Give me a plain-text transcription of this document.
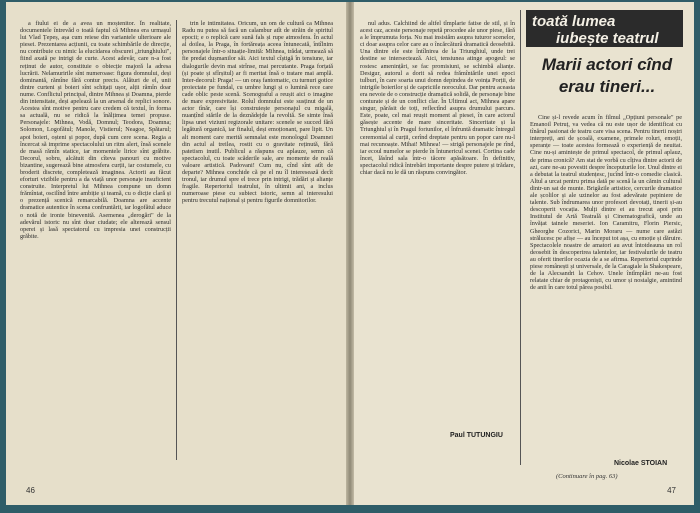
a fiului ei de a avea un moștenitor. În realitate, documentele întrevăd o toată faptul că Mihnea era urmașul lui Vlad Țepeș, așa cum reiese din variantele ulterioare ale piesei. Prezentarea acțiunii, cu toate schimbările de direcție, nu contribuie cu nimic la elucidarea obscurei „triunghiului", fiind axată pe intrigi de curte. Acest adevăr, care n-a fost reținut de autor, constituie o obiecție majoră la adresa lucrării. Nelamuririle sînt numeroase: figura domnului, deși dominantă, rămîne fără contur precis. Alături de el, unii dintre curteni și boieri sînt schițați ușor, alții rămîn doar nume. Conflictul principal, dintre Mihnea și Doamna, pierde din intensitate, deși apelează la un arsenal de replici sonore. Acestea sînt motive pentru care credem că textul, în forma sa actuală, nu se ridică la înălțimea temei propuse. Personajele: Mihnea, Vodă, Domnul; Teodora, Doamna; Solomon, Logofătul; Manole, Vistierul; Neagoe, Spătarul; apoi boieri, oșteni și popor, după cum cere scena. Regia a încercat să imprime spectacolului un ritm alert, însă scenele de masă rămîn statice, iar momentele lirice sînt grăbite. Decorul, sobru, alcătuit din cîteva panouri cu motive bizantine, sugerează bine atmosfera curții, iar costumele, cu broderii discrete, completează imaginea. Actorii au făcut eforturi vizibile pentru a da viață unor personaje insuficient construite. Interpretul lui Mihnea compune un domn frămîntat, oscilînd între ambiție și teamă, cu o dicție clară și o prezență scenică remarcabilă. Doamna are accente dramatice autentice în scena confruntării, iar logofătul aduce o notă de ironie binevenită. Asemenea „derogări" de la adevărul istoric nu sînt doar ciudate; ele alterează sensul operei și lasă spectatorul cu impresia unei construcții grăbite.

trin le intimitatea. Oricum, un om de cultură ca Mihnea Radu nu putea să facă un calambur atît de străin de spiritul epocii; e o replică care sună fals și rupe atmosfera. În actul al doilea, la Praga, în fortăreața aceea întunecată, întîlnim personajele într-o situație-limită: Mihnea, trădat, urmează să fie predat dușmanilor săi. Aici textul cîștigă în tensiune, iar dialogurile devin mai strînse, mai percutante. Praga forțată (și poate și sfîrșitul) ar fi meritat însă o tratare mai amplă. Inter-decorul: Praga! — un oraș fantomatic, cu turnuri gotice proiectate pe fundal, cu umbre lungi și o lumină rece care cade oblic peste scenă. Scenograful a reușit aici o imagine de mare expresivitate. Rolul domnului este susținut de un actor tînăr, care își construiește personajul cu migală, nuanțînd stările de la deznădejde la revoltă. Se simte însă lipsa unei viziuni regizorale unitare: scenele se succed fără legătură organică, iar finalul, deși emoționant, pare lipit. Un alt moment care merită semnalat este monologul Doamnei din actul al treilea, rostit cu o gravitate reținută, fără patetism inutil. Publicul a răspuns cu aplauze, semn că spectacolul, cu toate scăderile sale, are momente de reală valoare artistică. Padovani! Cum nu, cînd sînt atît de departe? Mihnea conchide că pe el nu îl interesează decît tronul, iar drumul spre el trece prin intrigi, trădări și alianțe fragile. Repertoriul teatrului, în ultimii ani, a inclus numeroase piese cu subiect istoric, semn al interesului pentru trecutul național și pentru figurile domnitorilor.

46

nul adus. Calchiind de altfel tîmplarie fatise de stil, și în acest caz, aceste personaje repetă procedee ale unor piese, fără a le împrumuta forța. Nu mai insistăm asupra tuturor scenelor, ci doar asupra celor care au o încărcătură dramatică deosebită. Una dintre ele este întîlnirea de la Triunghiul, unde trei destine se intersectează. Aici, tensiunea atinge apogeul: se rostesc amenințări, se fac promisiuni, se schimbă alianțe. Desigur, autorul a dorit să redea frămîntările unei epoci tulburi, în care soarta unui domn depindea de voința Porții, de intrigile boierilor și de capriciile norocului. Dar pentru aceasta era nevoie de o construcție dramatică solidă, de personaje bine conturate și de un conflict clar. În Ultimul act, Mihnea apare singur, părăsit de toți, reflectînd asupra drumului parcurs. Este, poate, cel mai reușit moment al piesei, în care actorul găsește accente de mare sinceritate. Sinceritate și la Triunghiul și în Pragul foriunilor, el înfruntă dramatic întregul ceremonial al curții, cerînd dreptate pentru un popor care nu-l mai recunoaște. Mihai! Mihnea! — strigă personajele pe rînd, iar ecoul numelor se pierde în întunericul scenei. Cortina cade încet, lăsînd sala într-o tăcere apăsătoare. În definitiv, spectacolul ridică întrebări importante despre putere și trădare, chiar dacă nu le dă un răspuns convingător.

Paul TUTUNGIU
toată lumea
iubește teatrul
Marii actori cînd erau tineri...

Cine și-l revede acum în filmul „Opțiuni personale" pe Emanoil Petruț, va vedea că nu este ușor de identificat cu tînărul pasionat de teatru care visa scena. Pentru tinerii noștri interpreți, ani de școală, examene, primele roluri, emoții, speranțe — toate acestea formează o experiență de neuitat. Cine nu-și amintește de primul spectacol, de primul aplauz, de prima cronică? Am stat de vorbă cu cîțiva dintre actorii de azi, care ne-au povestit despre începuturile lor. Unul dintre ei a debutat la teatrul studențesc, jucînd într-o comedie clasică. Altul a urcat pentru prima dată pe scenă la un cămin cultural dintr-un sat de munte. Brigăzile artistice, cercurile dramatice ale școlilor și ale uzinelor au fost adevărate pepiniere de talente. Sub îndrumarea unor profesori devotați, tinerii și-au descoperit vocația. Mulți dintre ei au trecut apoi prin Institutul de Artă Teatrală și Cinematografică, unde au învățat tainele meseriei. Ion Caramitru, Florin Piersic, Gheorghe Cozorici, Marin Moraru — nume care astăzi strălucesc pe afișe — au început tot așa, cu emoție și dăruire. Spectacolele noastre de amatori au avut întotdeauna un rol deosebit în descoperirea talentelor, iar festivalurile de teatru au oferit tinerilor ocazia de a se afirma. Repertoriul cuprinde piese românești și universale, de la Caragiale la Shakespeare, de la Alecsandri la Cehov. Unele întîmplări ne-au fost relatate chiar de protagoniști, cu umor și nostalgie, amintind de anii în care totul părea posibil.

Nicolae STOIAN
(Continuare în pag. 63)
47
